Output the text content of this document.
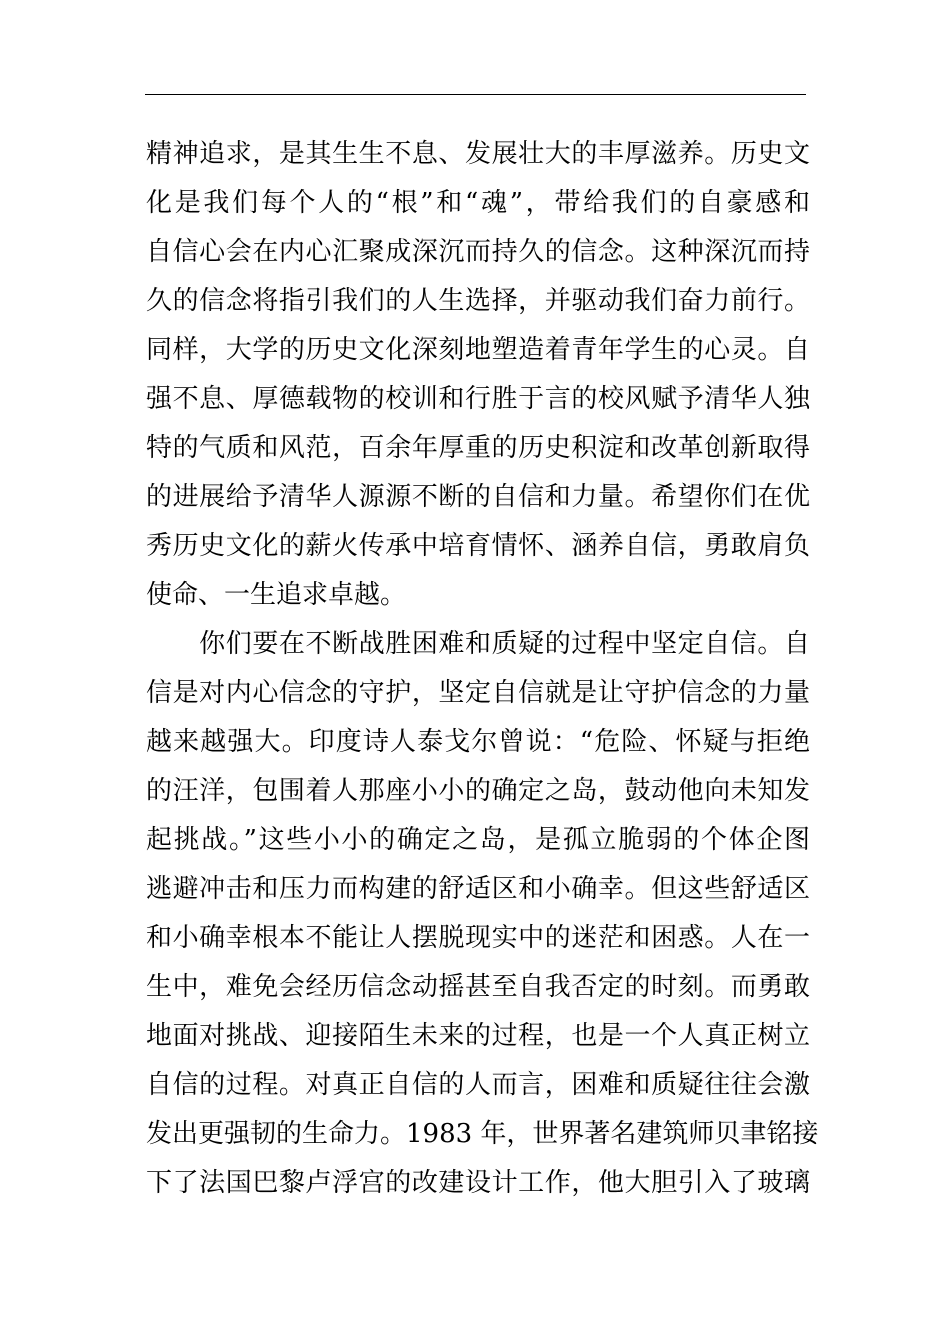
精神追求，是其生生不息、发展壮大的丰厚滋养。历史文
化是我们每个人的“根”和“魂”，带给我们的自豪感和
自信心会在内心汇聚成深沉而持久的信念。这种深沉而持
久的信念将指引我们的人生选择，并驱动我们奋力前行。
同样，大学的历史文化深刻地塑造着青年学生的心灵。自
强不息、厚德载物的校训和行胜于言的校风赋予清华人独
特的气质和风范，百余年厚重的历史积淀和改革创新取得
的进展给予清华人源源不断的自信和力量。希望你们在优
秀历史文化的薪火传承中培育情怀、涵养自信，勇敢肩负
使命、一生追求卓越。
　　你们要在不断战胜困难和质疑的过程中坚定自信。自
信是对内心信念的守护，坚定自信就是让守护信念的力量
越来越强大。印度诗人泰戈尔曾说：“危险、怀疑与拒绝
的汪洋，包围着人那座小小的确定之岛，鼓动他向未知发
起挑战。”这些小小的确定之岛，是孤立脆弱的个体企图
逃避冲击和压力而构建的舒适区和小确幸。但这些舒适区
和小确幸根本不能让人摆脱现实中的迷茫和困惑。人在一
生中，难免会经历信念动摇甚至自我否定的时刻。而勇敢
地面对挑战、迎接陌生未来的过程，也是一个人真正树立
自信的过程。对真正自信的人而言，困难和质疑往往会激
发出更强韧的生命力。1983 年，世界著名建筑师贝聿铭接
下了法国巴黎卢浮宫的改建设计工作，他大胆引入了玻璃
